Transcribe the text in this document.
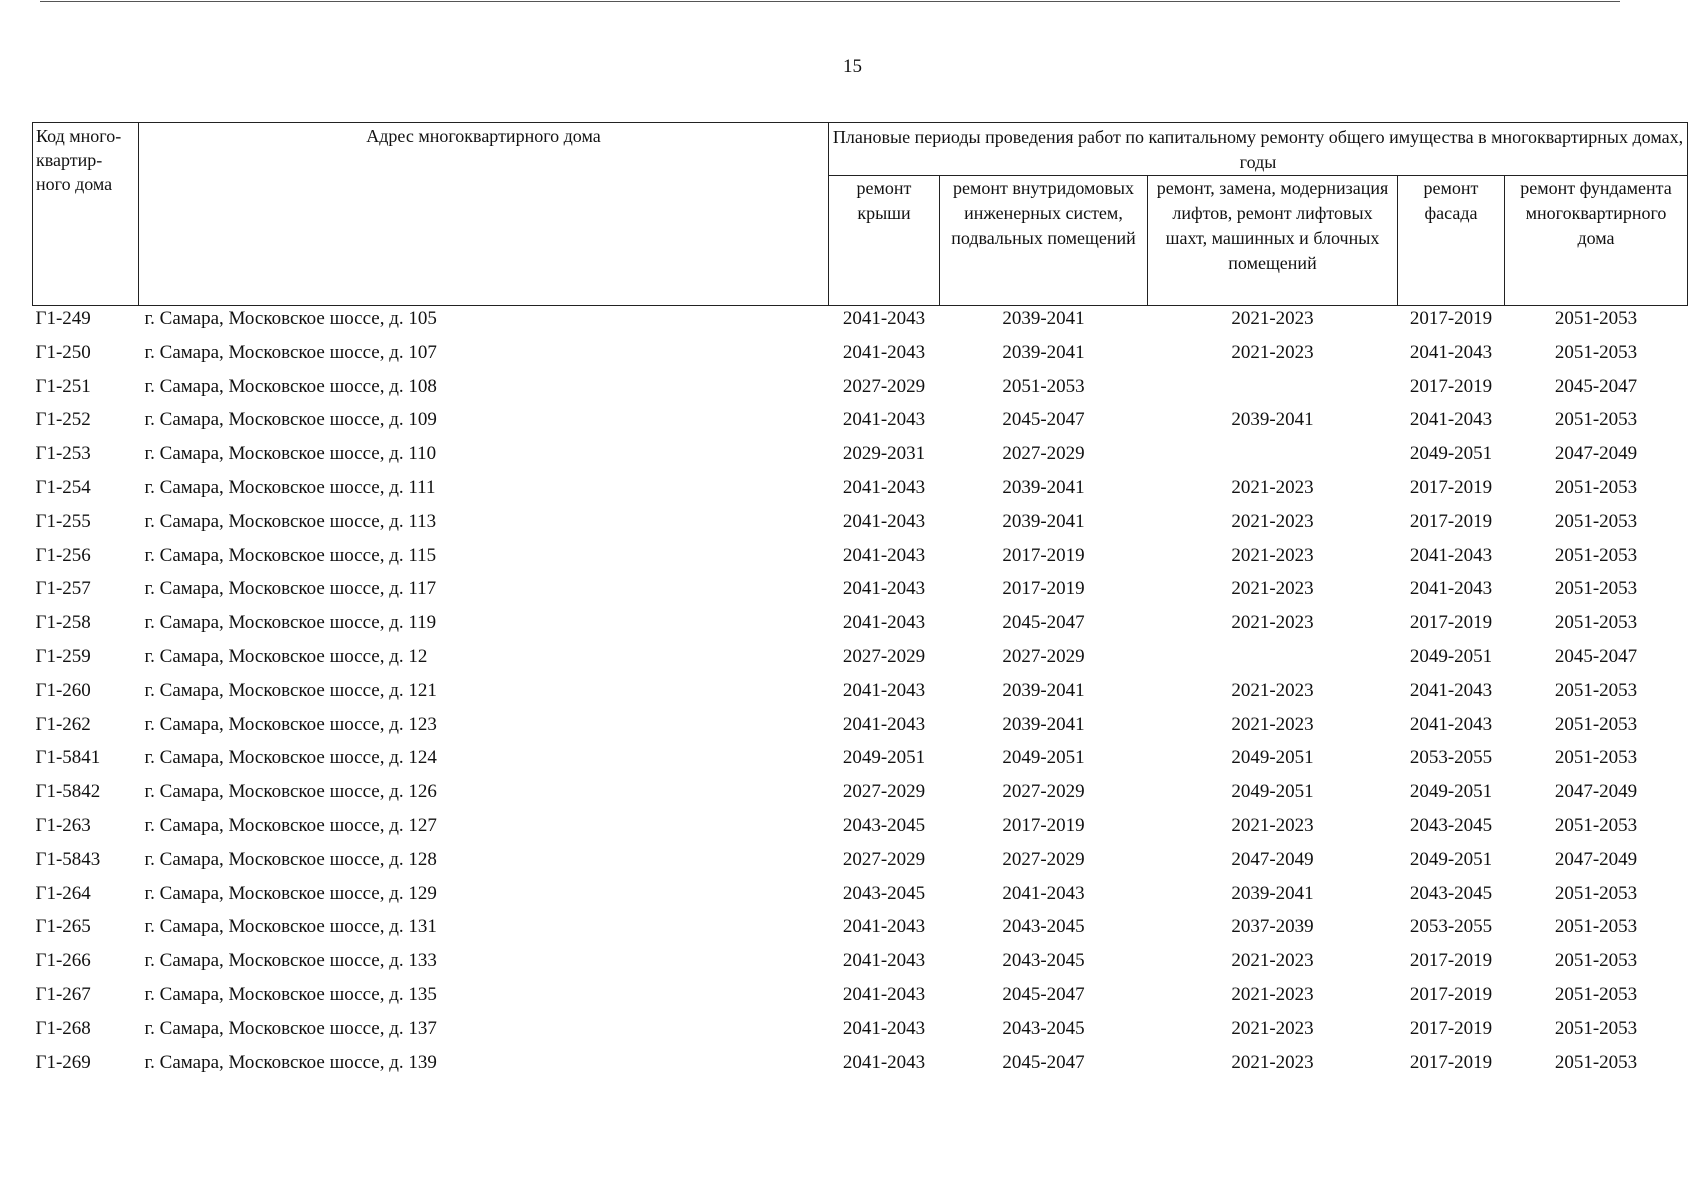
15
Код много-квартир-ного дома	Адрес многоквартирного дома	Плановые периоды проведения работ по капитальному ремонту общего имущества в многоквартирных домах, годы				
		ремонт крыши	ремонт внутридомовых инженерных систем, подвальных помещений	ремонт, замена, модернизация лифтов, ремонт лифтовых шахт, машинных и блочных помещений	ремонт фасада	ремонт фундамента многоквартирного дома
Г1-249	г. Самара, Московское шоссе, д. 105	2041-2043	2039-2041	2021-2023	2017-2019	2051-2053
Г1-250	г. Самара, Московское шоссе, д. 107	2041-2043	2039-2041	2021-2023	2041-2043	2051-2053
Г1-251	г. Самара, Московское шоссе, д. 108	2027-2029	2051-2053		2017-2019	2045-2047
Г1-252	г. Самара, Московское шоссе, д. 109	2041-2043	2045-2047	2039-2041	2041-2043	2051-2053
Г1-253	г. Самара, Московское шоссе, д. 110	2029-2031	2027-2029		2049-2051	2047-2049
Г1-254	г. Самара, Московское шоссе, д. 111	2041-2043	2039-2041	2021-2023	2017-2019	2051-2053
Г1-255	г. Самара, Московское шоссе, д. 113	2041-2043	2039-2041	2021-2023	2017-2019	2051-2053
Г1-256	г. Самара, Московское шоссе, д. 115	2041-2043	2017-2019	2021-2023	2041-2043	2051-2053
Г1-257	г. Самара, Московское шоссе, д. 117	2041-2043	2017-2019	2021-2023	2041-2043	2051-2053
Г1-258	г. Самара, Московское шоссе, д. 119	2041-2043	2045-2047	2021-2023	2017-2019	2051-2053
Г1-259	г. Самара, Московское шоссе, д. 12	2027-2029	2027-2029		2049-2051	2045-2047
Г1-260	г. Самара, Московское шоссе, д. 121	2041-2043	2039-2041	2021-2023	2041-2043	2051-2053
Г1-262	г. Самара, Московское шоссе, д. 123	2041-2043	2039-2041	2021-2023	2041-2043	2051-2053
Г1-5841	г. Самара, Московское шоссе, д. 124	2049-2051	2049-2051	2049-2051	2053-2055	2051-2053
Г1-5842	г. Самара, Московское шоссе, д. 126	2027-2029	2027-2029	2049-2051	2049-2051	2047-2049
Г1-263	г. Самара, Московское шоссе, д. 127	2043-2045	2017-2019	2021-2023	2043-2045	2051-2053
Г1-5843	г. Самара, Московское шоссе, д. 128	2027-2029	2027-2029	2047-2049	2049-2051	2047-2049
Г1-264	г. Самара, Московское шоссе, д. 129	2043-2045	2041-2043	2039-2041	2043-2045	2051-2053
Г1-265	г. Самара, Московское шоссе, д. 131	2041-2043	2043-2045	2037-2039	2053-2055	2051-2053
Г1-266	г. Самара, Московское шоссе, д. 133	2041-2043	2043-2045	2021-2023	2017-2019	2051-2053
Г1-267	г. Самара, Московское шоссе, д. 135	2041-2043	2045-2047	2021-2023	2017-2019	2051-2053
Г1-268	г. Самара, Московское шоссе, д. 137	2041-2043	2043-2045	2021-2023	2017-2019	2051-2053
Г1-269	г. Самара, Московское шоссе, д. 139	2041-2043	2045-2047	2021-2023	2017-2019	2051-2053
